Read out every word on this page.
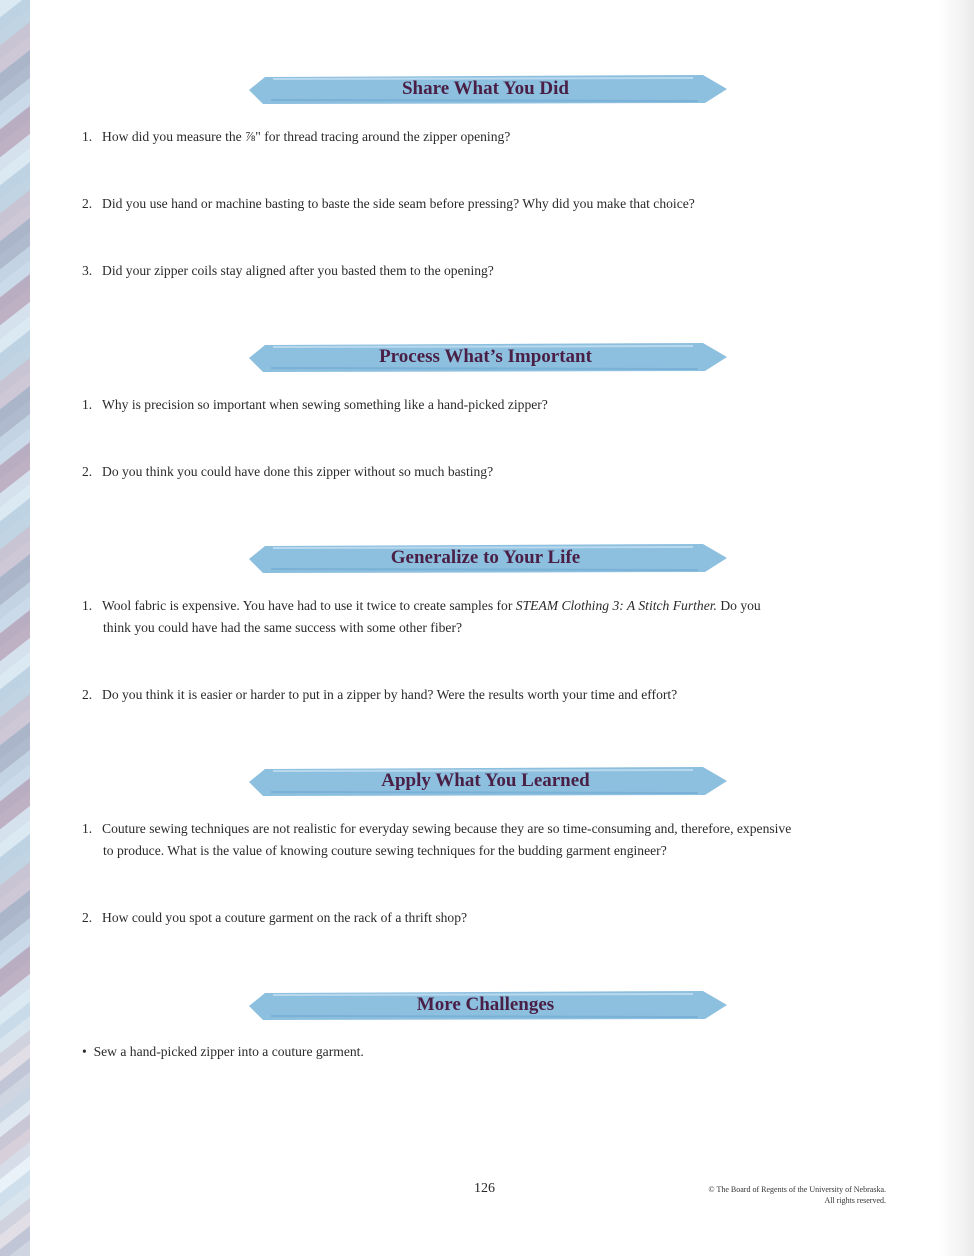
Share What You Did
1. How did you measure the ⅞" for thread tracing around the zipper opening?
2. Did you use hand or machine basting to baste the side seam before pressing? Why did you make that choice?
3. Did your zipper coils stay aligned after you basted them to the opening?
Process What’s Important
1. Why is precision so important when sewing something like a hand-picked zipper?
2. Do you think you could have done this zipper without so much basting?
Generalize to Your Life
1. Wool fabric is expensive. You have had to use it twice to create samples for STEAM Clothing 3: A Stitch Further. Do you
think you could have had the same success with some other fiber?
2. Do you think it is easier or harder to put in a zipper by hand? Were the results worth your time and effort?
Apply What You Learned
1. Couture sewing techniques are not realistic for everyday sewing because they are so time-consuming and, therefore, expensive
to produce. What is the value of knowing couture sewing techniques for the budding garment engineer?
2. How could you spot a couture garment on the rack of a thrift shop?
More Challenges
•  Sew a hand-picked zipper into a couture garment.
126	© The Board of Regents of the University of Nebraska.
All rights reserved.
